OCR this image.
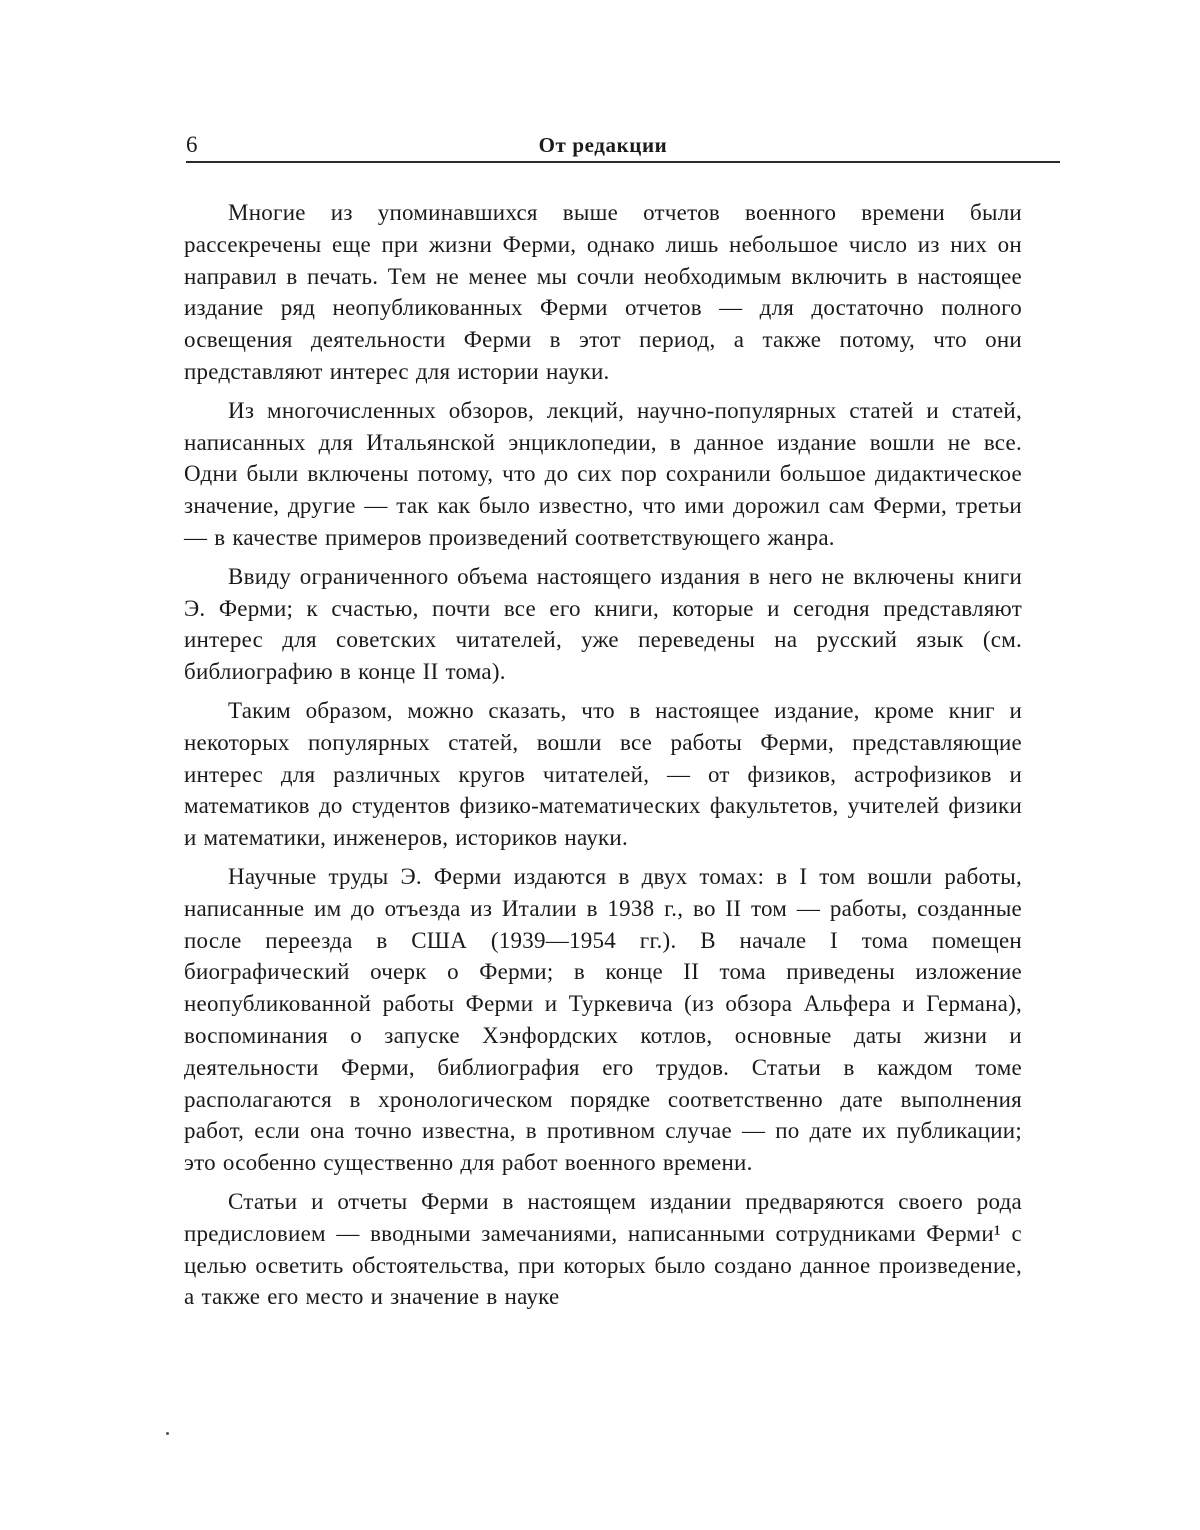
6	От редакции

Многие из упоминавшихся выше отчетов военного времени были рассекречены еще при жизни Ферми, однако лишь небольшое число из них он направил в печать. Тем не менее мы сочли необходимым включить в настоящее издание ряд неопубликованных Ферми отчетов — для достаточно полного освещения деятельности Ферми в этот период, а также потому, что они представляют интерес для истории науки.

Из многочисленных обзоров, лекций, научно-популярных статей и статей, написанных для Итальянской энциклопедии, в данное издание вошли не все. Одни были включены потому, что до сих пор сохранили большое дидактическое значение, другие — так как было известно, что ими дорожил сам Ферми, третьи — в качестве примеров произведений соответствующего жанра.

Ввиду ограниченного объема настоящего издания в него не включены книги Э. Ферми; к счастью, почти все его книги, которые и сегодня представляют интерес для советских читателей, уже переведены на русский язык (см. библиографию в конце II тома).

Таким образом, можно сказать, что в настоящее издание, кроме книг и некоторых популярных статей, вошли все работы Ферми, представляющие интерес для различных кругов читателей, — от физиков, астрофизиков и математиков до студентов физико-математических факультетов, учителей физики и математики, инженеров, историков науки.

Научные труды Э. Ферми издаются в двух томах: в I том вошли работы, написанные им до отъезда из Италии в 1938 г., во II том — работы, созданные после переезда в США (1939—1954 гг.). В начале I тома помещен биографический очерк о Ферми; в конце II тома приведены изложение неопубликованной работы Ферми и Туркевича (из обзора Альфера и Германа), воспоминания о запуске Хэнфордских котлов, основные даты жизни и деятельности Ферми, библиография его трудов. Статьи в каждом томе располагаются в хронологическом порядке соответственно дате выполнения работ, если она точно известна, в противном случае — по дате их публикации; это особенно существенно для работ военного времени.

Статьи и отчеты Ферми в настоящем издании предваряются своего рода предисловием — вводными замечаниями, написанными сотрудниками Ферми¹ с целью осветить обстоятельства, при которых было создано данное произведение, а также его место и значение в науке
